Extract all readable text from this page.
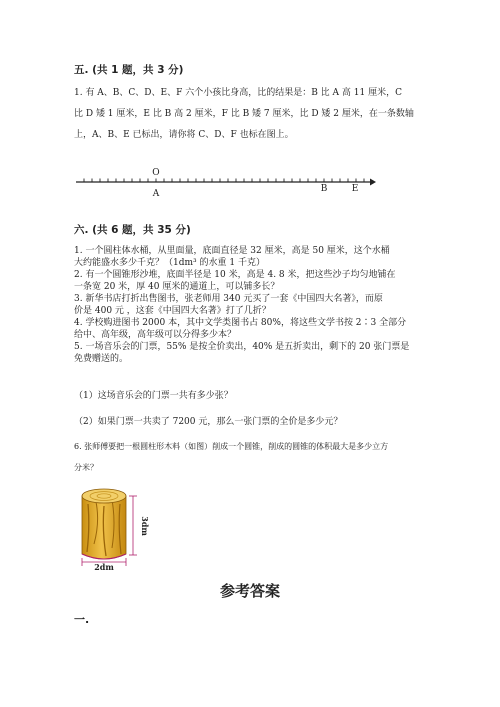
五. (共 1 题，共 3 分)
1. 有 A、B、C、D、E、F 六个小孩比身高，比的结果是：B 比 A 高 11 厘米，C
比 D 矮 1 厘米，E 比 B 高 2 厘米，F 比 B 矮 7 厘米，比 D 矮 2 厘米，在一条数轴
上，A、B、E 已标出，请你将 C、D、F 也标在图上。
O
A	B	E
六. (共 6 题，共 35 分)
1. 一个圆柱体水桶，从里面量，底面直径是 32 厘米，高是 50 厘米，这个水桶
大约能盛水多少千克？（1dm³ 的水重 1 千克）
2. 有一个圆锥形沙堆，底面半径是 10 米，高是 4. 8 米，把这些沙子均匀地铺在
一条宽 20 米，厚 40 厘米的通道上，可以铺多长？
3. 新华书店打折出售图书，张老师用 340 元买了一套《中国四大名著》，而原
价是 400 元 ，这套《中国四大名著》打了几折？
4. 学校购进图书 2000 本，其中文学类图书占 80%，将这些文学书按 2∶3 全部分
给中、高年级，高年级可以分得多少本？
5. 一场音乐会的门票，55% 是按全价卖出，40% 是五折卖出，剩下的 20 张门票是
免费赠送的。
（1）这场音乐会的门票一共有多少张？
（2）如果门票一共卖了 7200 元，那么一张门票的全价是多少元？
6. 张师傅要把一根圆柱形木料（如图）削成一个圆锥，削成的圆锥的体积最大是多少立方
分米？
3dm
2dm
参考答案
一.
